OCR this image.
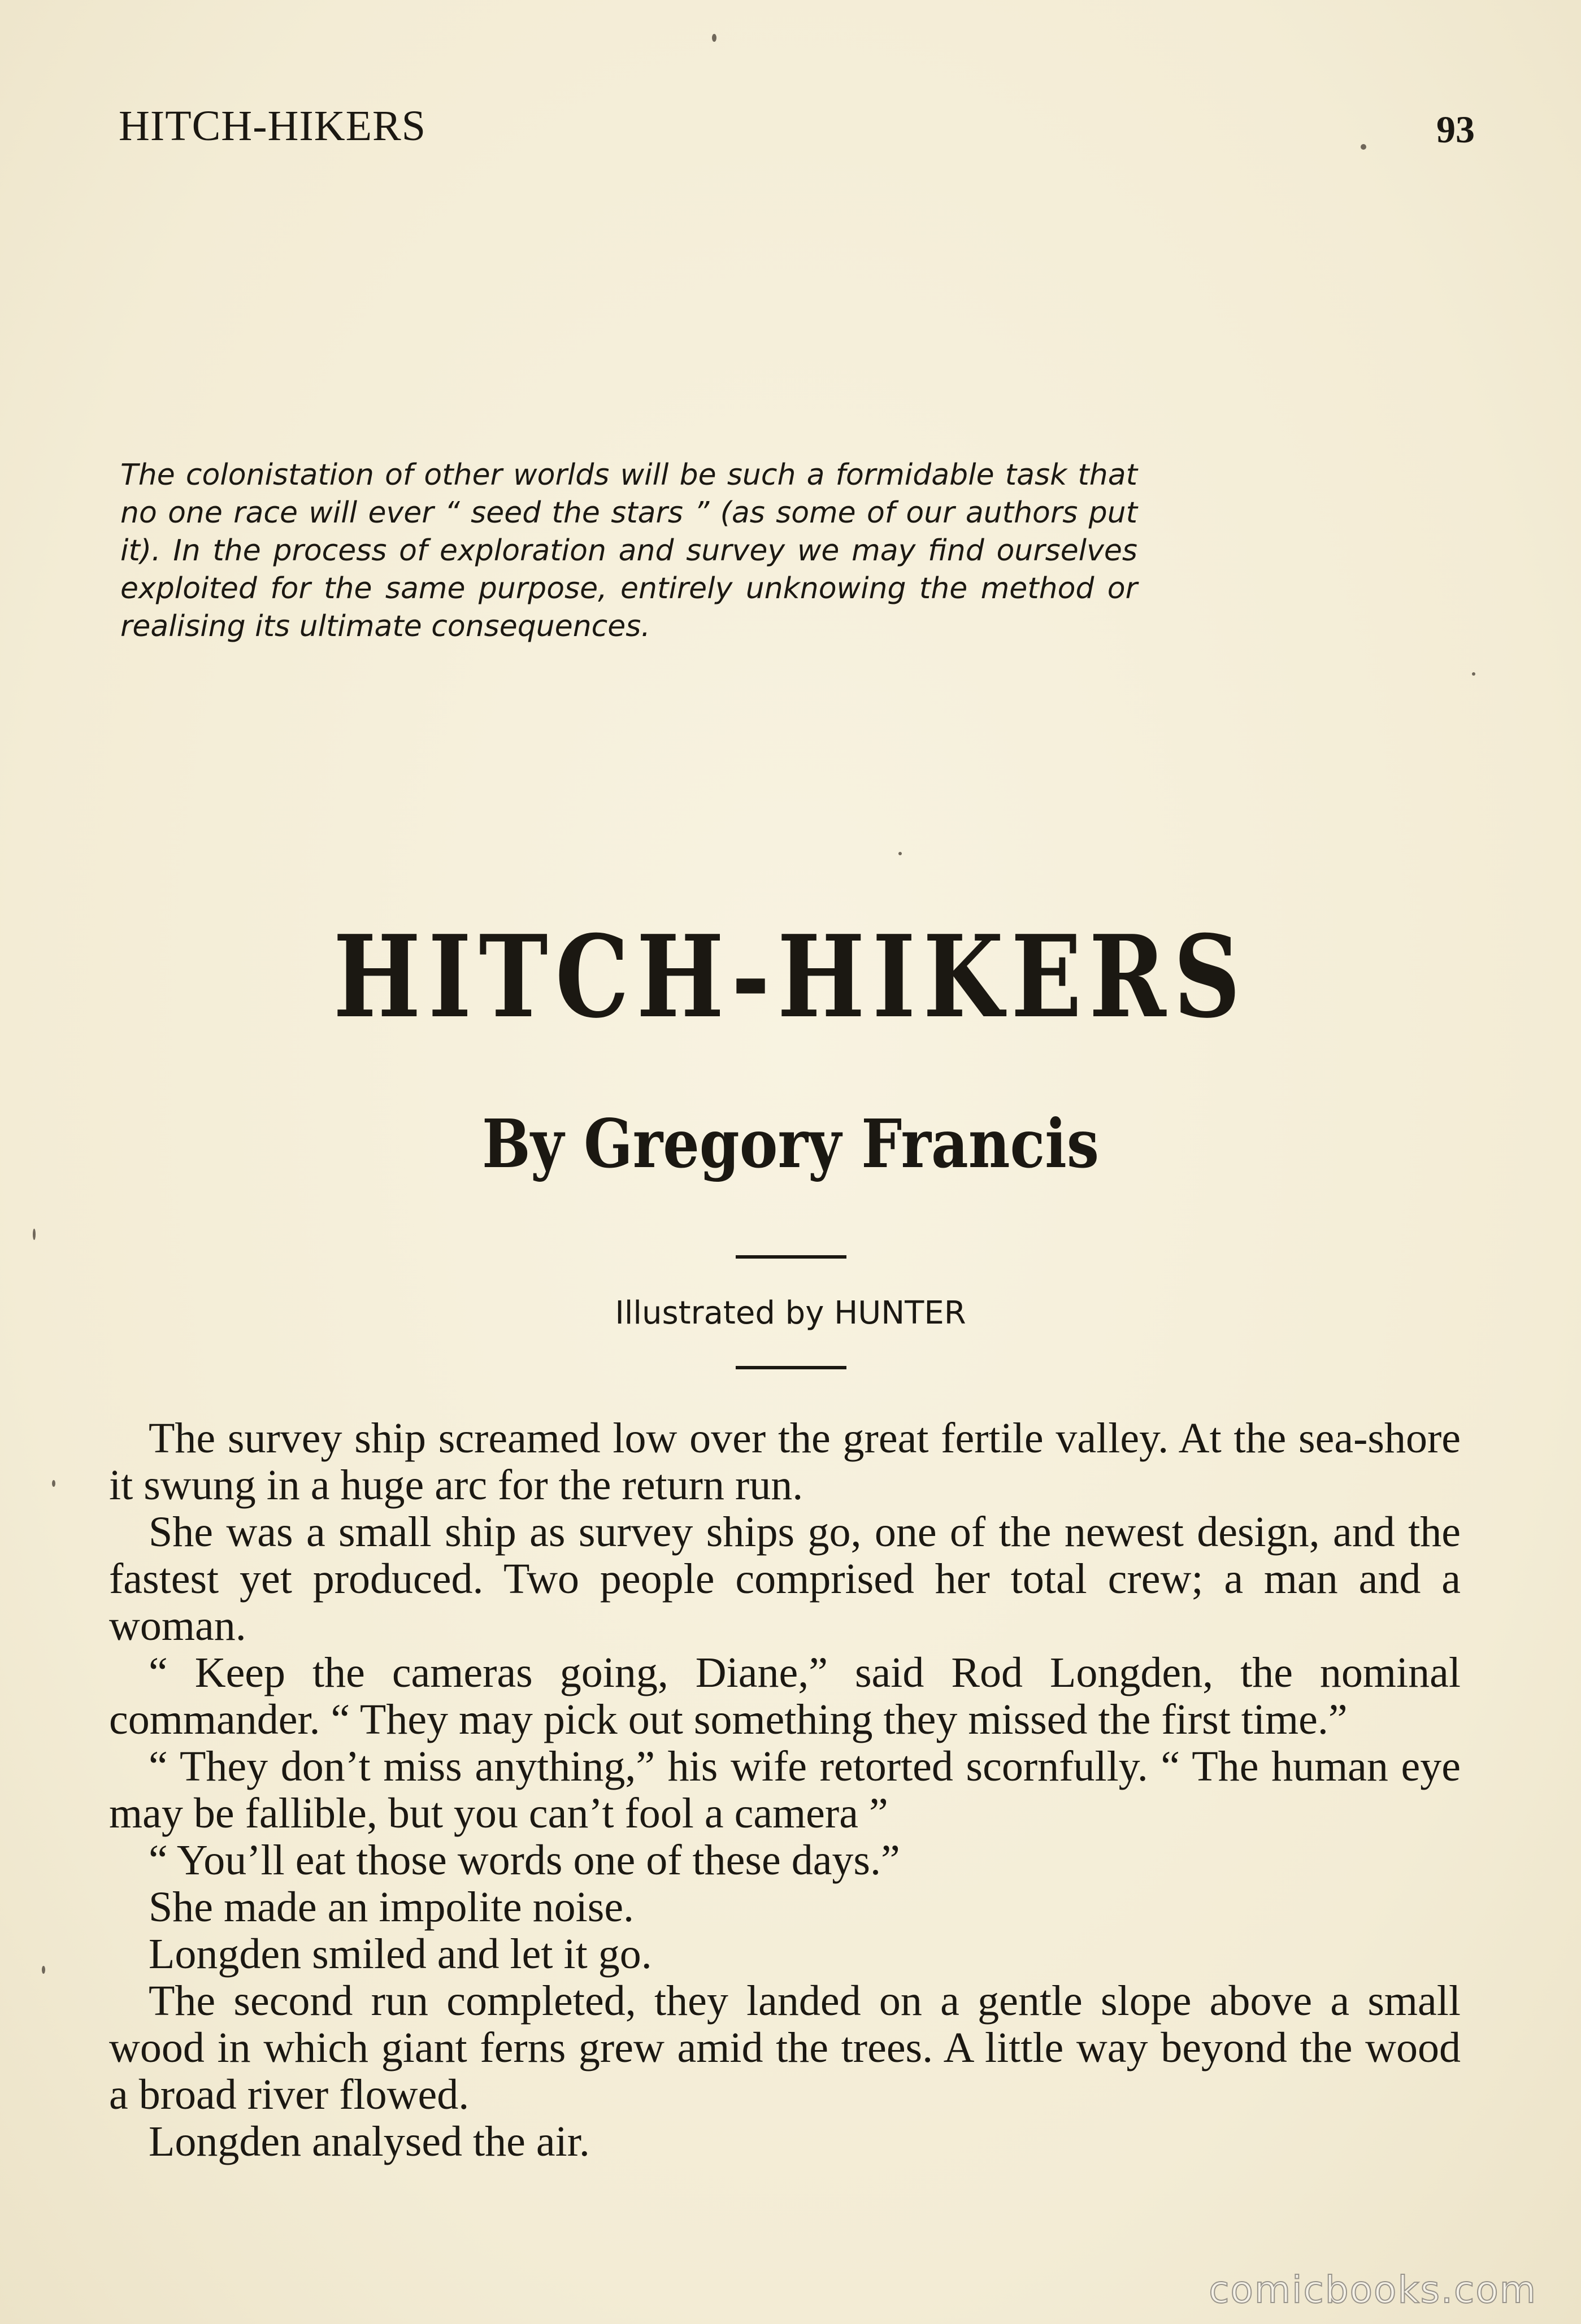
HITCH-HIKERS	93
The colonistation of other worlds will be such a formidable task that no one race will ever “ seed the stars ” (as some of our authors put it). In the process of exploration and survey we may find ourselves exploited for the same purpose, entirely unknowing the method or realising its ultimate consequences.
HITCH-HIKERS
By Gregory Francis
Illustrated by HUNTER

The survey ship screamed low over the great fertile valley. At the sea-shore it swung in a huge arc for the return run.

She was a small ship as survey ships go, one of the newest design, and the fastest yet produced. Two people comprised her total crew; a man and a woman.

“ Keep the cameras going, Diane,” said Rod Longden, the nominal commander. “ They may pick out something they missed the first time.”

“ They don’t miss anything,” his wife retorted scornfully. “ The human eye may be fallible, but you can’t fool a camera ”

“ You’ll eat those words one of these days.”

She made an impolite noise.

Longden smiled and let it go.

The second run completed, they landed on a gentle slope above a small wood in which giant ferns grew amid the trees. A little way beyond the wood a broad river flowed.

Longden analysed the air.

comicbooks.com
